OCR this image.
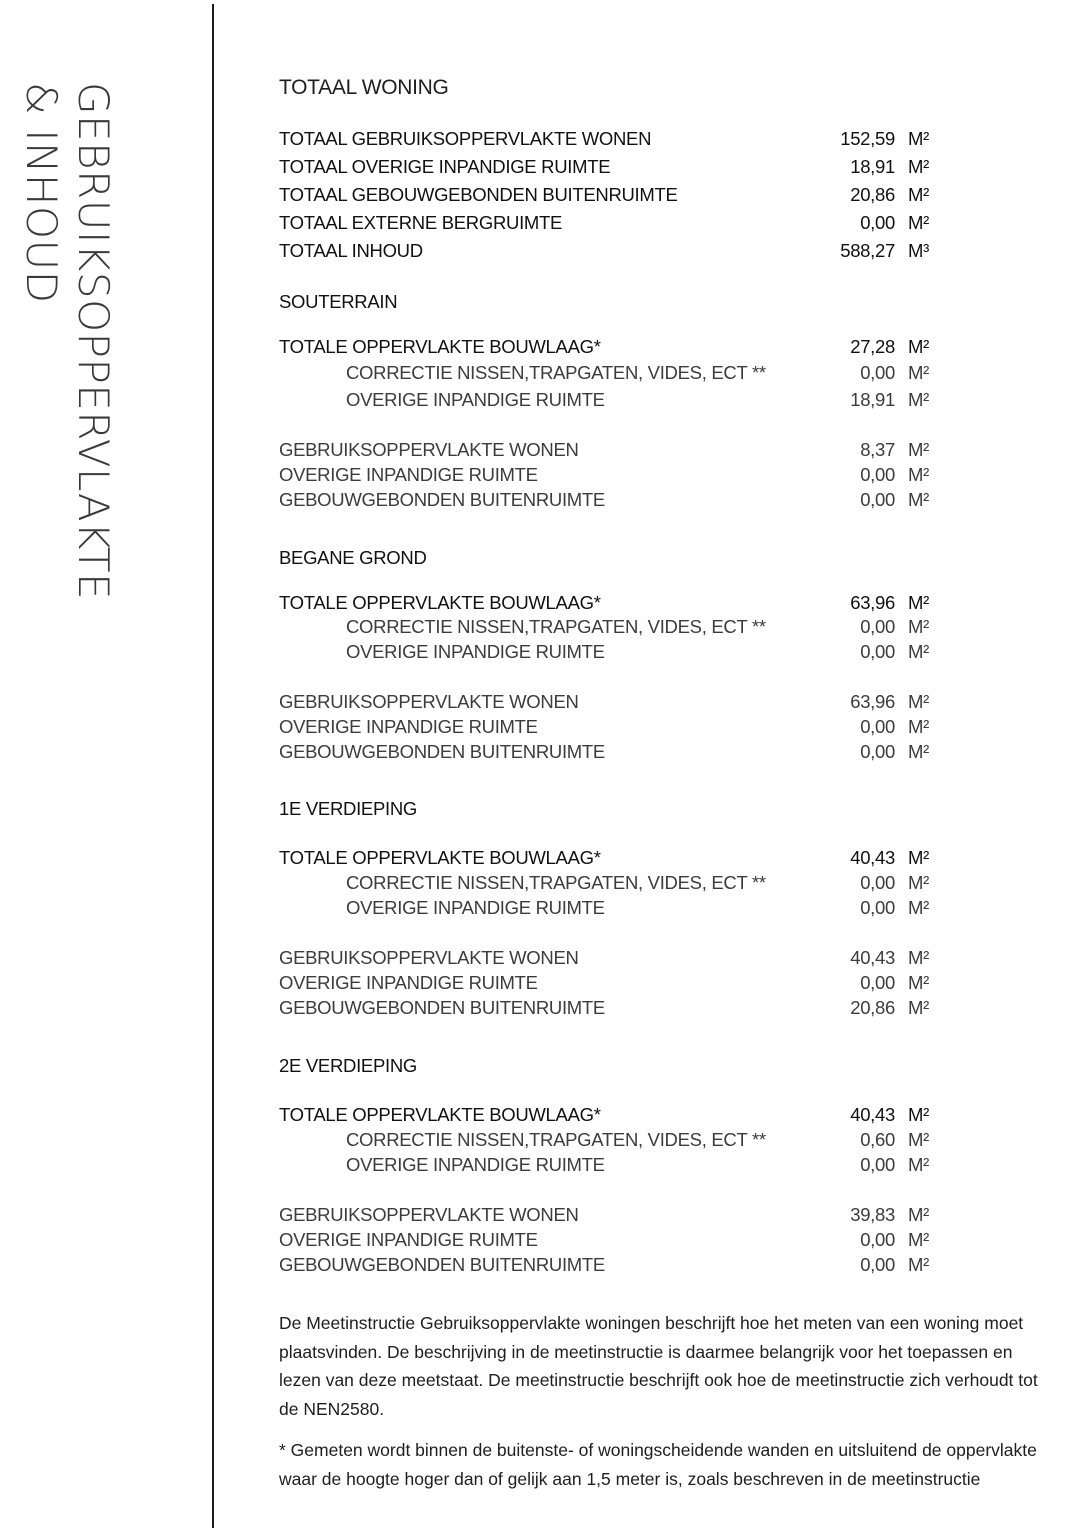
GEBRUIKSOPPERVLAKTE
& INHOUD	TOTAAL WONING
TOTAAL GEBRUIKSOPPERVLAKTE WONEN	152,59 M²
TOTAAL OVERIGE INPANDIGE RUIMTE	18,91 M²
TOTAAL GEBOUWGEBONDEN BUITENRUIMTE	20,86 M²
TOTAAL EXTERNE BERGRUIMTE	0,00 M²
TOTAAL INHOUD	588,27 M³
SOUTERRAIN
TOTALE OPPERVLAKTE BOUWLAAG*	27,28 M²
CORRECTIE NISSEN,TRAPGATEN, VIDES, ECT **	0,00 M²
OVERIGE INPANDIGE RUIMTE	18,91 M²
GEBRUIKSOPPERVLAKTE WONEN	8,37 M²
OVERIGE INPANDIGE RUIMTE	0,00 M²
GEBOUWGEBONDEN BUITENRUIMTE	0,00 M²
BEGANE GROND
TOTALE OPPERVLAKTE BOUWLAAG*	63,96 M²
CORRECTIE NISSEN,TRAPGATEN, VIDES, ECT **	0,00 M²
OVERIGE INPANDIGE RUIMTE	0,00 M²
GEBRUIKSOPPERVLAKTE WONEN	63,96 M²
OVERIGE INPANDIGE RUIMTE	0,00 M²
GEBOUWGEBONDEN BUITENRUIMTE	0,00 M²
1E VERDIEPING
TOTALE OPPERVLAKTE BOUWLAAG*	40,43 M²
CORRECTIE NISSEN,TRAPGATEN, VIDES, ECT **	0,00 M²
OVERIGE INPANDIGE RUIMTE	0,00 M²
GEBRUIKSOPPERVLAKTE WONEN	40,43 M²
OVERIGE INPANDIGE RUIMTE	0,00 M²
GEBOUWGEBONDEN BUITENRUIMTE	20,86 M²
2E VERDIEPING
TOTALE OPPERVLAKTE BOUWLAAG*	40,43 M²
CORRECTIE NISSEN,TRAPGATEN, VIDES, ECT **	0,60 M²
OVERIGE INPANDIGE RUIMTE	0,00 M²
GEBRUIKSOPPERVLAKTE WONEN	39,83 M²
OVERIGE INPANDIGE RUIMTE	0,00 M²
GEBOUWGEBONDEN BUITENRUIMTE	0,00 M²
De Meetinstructie Gebruiksoppervlakte woningen beschrijft hoe het meten van een woning moet plaatsvinden. De beschrijving in de meetinstructie is daarmee belangrijk voor het toepassen en lezen van deze meetstaat. De meetinstructie beschrijft ook hoe de meetinstructie zich verhoudt tot de NEN2580.
* Gemeten wordt binnen de buitenste- of woningscheidende wanden en uitsluitend de oppervlakte waar de hoogte hoger dan of gelijk aan 1,5 meter is, zoals beschreven in de meetinstructie
